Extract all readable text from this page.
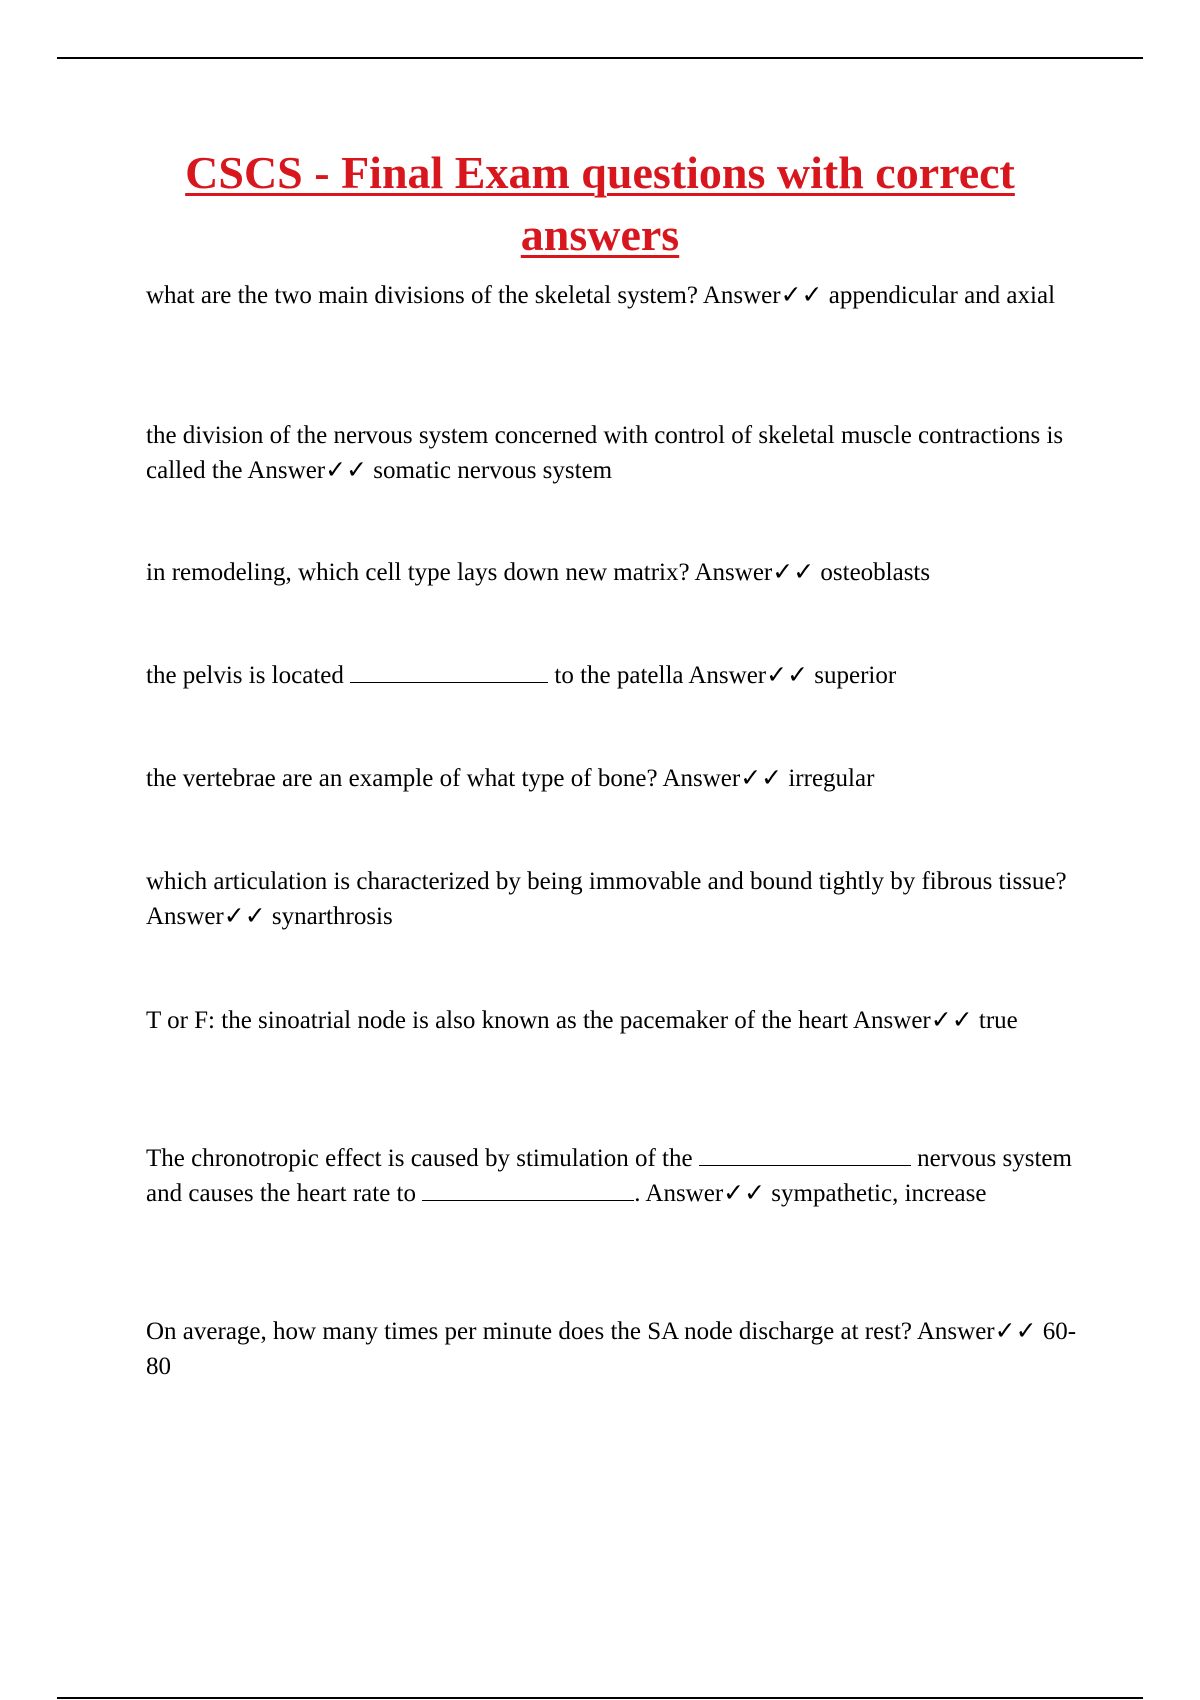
CSCS - Final Exam questions with correct answers

what are the two main divisions of the skeletal system? Answer✓✓ appendicular and axial

the division of the nervous system concerned with control of skeletal muscle contractions is called the Answer✓✓ somatic nervous system

in remodeling, which cell type lays down new matrix? Answer✓✓ osteoblasts

the pelvis is located	to the patella Answer✓✓ superior

the vertebrae are an example of what type of bone? Answer✓✓ irregular

which articulation is characterized by being immovable and bound tightly by fibrous tissue? Answer✓✓ synarthrosis

T or F: the sinoatrial node is also known as the pacemaker of the heart Answer✓✓ true

The chronotropic effect is caused by stimulation of the	nervous system and causes the heart rate to	. Answer✓✓ sympathetic, increase

On average, how many times per minute does the SA node discharge at rest? Answer✓✓ 60-80
